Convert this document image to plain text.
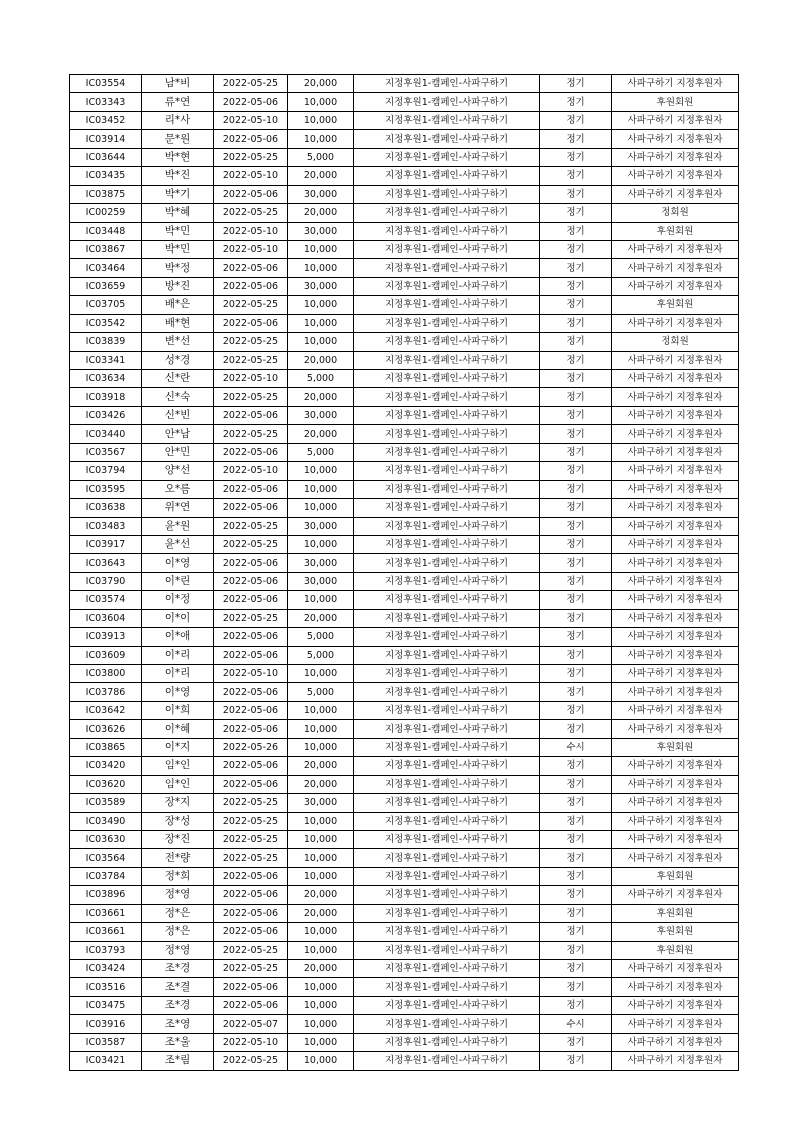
IC03554	남*비	2022-05-25	20,000	지정후원1-캠페인-사파구하기	정기	사파구하기 지정후원자
IC03343	류*연	2022-05-06	10,000	지정후원1-캠페인-사파구하기	정기	후원회원
IC03452	리*사	2022-05-10	10,000	지정후원1-캠페인-사파구하기	정기	사파구하기 지정후원자
IC03914	문*원	2022-05-06	10,000	지정후원1-캠페인-사파구하기	정기	사파구하기 지정후원자
IC03644	박*현	2022-05-25	5,000	지정후원1-캠페인-사파구하기	정기	사파구하기 지정후원자
IC03435	박*진	2022-05-10	20,000	지정후원1-캠페인-사파구하기	정기	사파구하기 지정후원자
IC03875	박*기	2022-05-06	30,000	지정후원1-캠페인-사파구하기	정기	사파구하기 지정후원자
IC00259	박*혜	2022-05-25	20,000	지정후원1-캠페인-사파구하기	정기	정회원
IC03448	박*민	2022-05-10	30,000	지정후원1-캠페인-사파구하기	정기	후원회원
IC03867	박*민	2022-05-10	10,000	지정후원1-캠페인-사파구하기	정기	사파구하기 지정후원자
IC03464	박*정	2022-05-06	10,000	지정후원1-캠페인-사파구하기	정기	사파구하기 지정후원자
IC03659	방*진	2022-05-06	30,000	지정후원1-캠페인-사파구하기	정기	사파구하기 지정후원자
IC03705	배*은	2022-05-25	10,000	지정후원1-캠페인-사파구하기	정기	후원회원
IC03542	배*현	2022-05-06	10,000	지정후원1-캠페인-사파구하기	정기	사파구하기 지정후원자
IC03839	변*선	2022-05-25	10,000	지정후원1-캠페인-사파구하기	정기	정회원
IC03341	성*경	2022-05-25	20,000	지정후원1-캠페인-사파구하기	정기	사파구하기 지정후원자
IC03634	신*란	2022-05-10	5,000	지정후원1-캠페인-사파구하기	정기	사파구하기 지정후원자
IC03918	신*숙	2022-05-25	20,000	지정후원1-캠페인-사파구하기	정기	사파구하기 지정후원자
IC03426	신*빈	2022-05-06	30,000	지정후원1-캠페인-사파구하기	정기	사파구하기 지정후원자
IC03440	안*남	2022-05-25	20,000	지정후원1-캠페인-사파구하기	정기	사파구하기 지정후원자
IC03567	안*민	2022-05-06	5,000	지정후원1-캠페인-사파구하기	정기	사파구하기 지정후원자
IC03794	양*선	2022-05-10	10,000	지정후원1-캠페인-사파구하기	정기	사파구하기 지정후원자
IC03595	오*름	2022-05-06	10,000	지정후원1-캠페인-사파구하기	정기	사파구하기 지정후원자
IC03638	위*연	2022-05-06	10,000	지정후원1-캠페인-사파구하기	정기	사파구하기 지정후원자
IC03483	윤*원	2022-05-25	30,000	지정후원1-캠페인-사파구하기	정기	사파구하기 지정후원자
IC03917	윤*선	2022-05-25	10,000	지정후원1-캠페인-사파구하기	정기	사파구하기 지정후원자
IC03643	이*영	2022-05-06	30,000	지정후원1-캠페인-사파구하기	정기	사파구하기 지정후원자
IC03790	이*린	2022-05-06	30,000	지정후원1-캠페인-사파구하기	정기	사파구하기 지정후원자
IC03574	이*정	2022-05-06	10,000	지정후원1-캠페인-사파구하기	정기	사파구하기 지정후원자
IC03604	이*이	2022-05-25	20,000	지정후원1-캠페인-사파구하기	정기	사파구하기 지정후원자
IC03913	이*애	2022-05-06	5,000	지정후원1-캠페인-사파구하기	정기	사파구하기 지정후원자
IC03609	이*리	2022-05-06	5,000	지정후원1-캠페인-사파구하기	정기	사파구하기 지정후원자
IC03800	이*리	2022-05-10	10,000	지정후원1-캠페인-사파구하기	정기	사파구하기 지정후원자
IC03786	이*영	2022-05-06	5,000	지정후원1-캠페인-사파구하기	정기	사파구하기 지정후원자
IC03642	이*희	2022-05-06	10,000	지정후원1-캠페인-사파구하기	정기	사파구하기 지정후원자
IC03626	이*혜	2022-05-06	10,000	지정후원1-캠페인-사파구하기	정기	사파구하기 지정후원자
IC03865	이*지	2022-05-26	10,000	지정후원1-캠페인-사파구하기	수시	후원회원
IC03420	임*인	2022-05-06	20,000	지정후원1-캠페인-사파구하기	정기	사파구하기 지정후원자
IC03620	임*인	2022-05-06	20,000	지정후원1-캠페인-사파구하기	정기	사파구하기 지정후원자
IC03589	장*지	2022-05-25	30,000	지정후원1-캠페인-사파구하기	정기	사파구하기 지정후원자
IC03490	장*성	2022-05-25	10,000	지정후원1-캠페인-사파구하기	정기	사파구하기 지정후원자
IC03630	장*진	2022-05-25	10,000	지정후원1-캠페인-사파구하기	정기	사파구하기 지정후원자
IC03564	전*량	2022-05-25	10,000	지정후원1-캠페인-사파구하기	정기	사파구하기 지정후원자
IC03784	정*희	2022-05-06	10,000	지정후원1-캠페인-사파구하기	정기	후원회원
IC03896	정*영	2022-05-06	20,000	지정후원1-캠페인-사파구하기	정기	사파구하기 지정후원자
IC03661	정*은	2022-05-06	20,000	지정후원1-캠페인-사파구하기	정기	후원회원
IC03661	정*은	2022-05-06	10,000	지정후원1-캠페인-사파구하기	정기	후원회원
IC03793	정*영	2022-05-25	10,000	지정후원1-캠페인-사파구하기	정기	후원회원
IC03424	조*경	2022-05-25	20,000	지정후원1-캠페인-사파구하기	정기	사파구하기 지정후원자
IC03516	조*결	2022-05-06	10,000	지정후원1-캠페인-사파구하기	정기	사파구하기 지정후원자
IC03475	조*경	2022-05-06	10,000	지정후원1-캠페인-사파구하기	정기	사파구하기 지정후원자
IC03916	조*영	2022-05-07	10,000	지정후원1-캠페인-사파구하기	수시	사파구하기 지정후원자
IC03587	조*울	2022-05-10	10,000	지정후원1-캠페인-사파구하기	정기	사파구하기 지정후원자
IC03421	조*림	2022-05-25	10,000	지정후원1-캠페인-사파구하기	정기	사파구하기 지정후원자
